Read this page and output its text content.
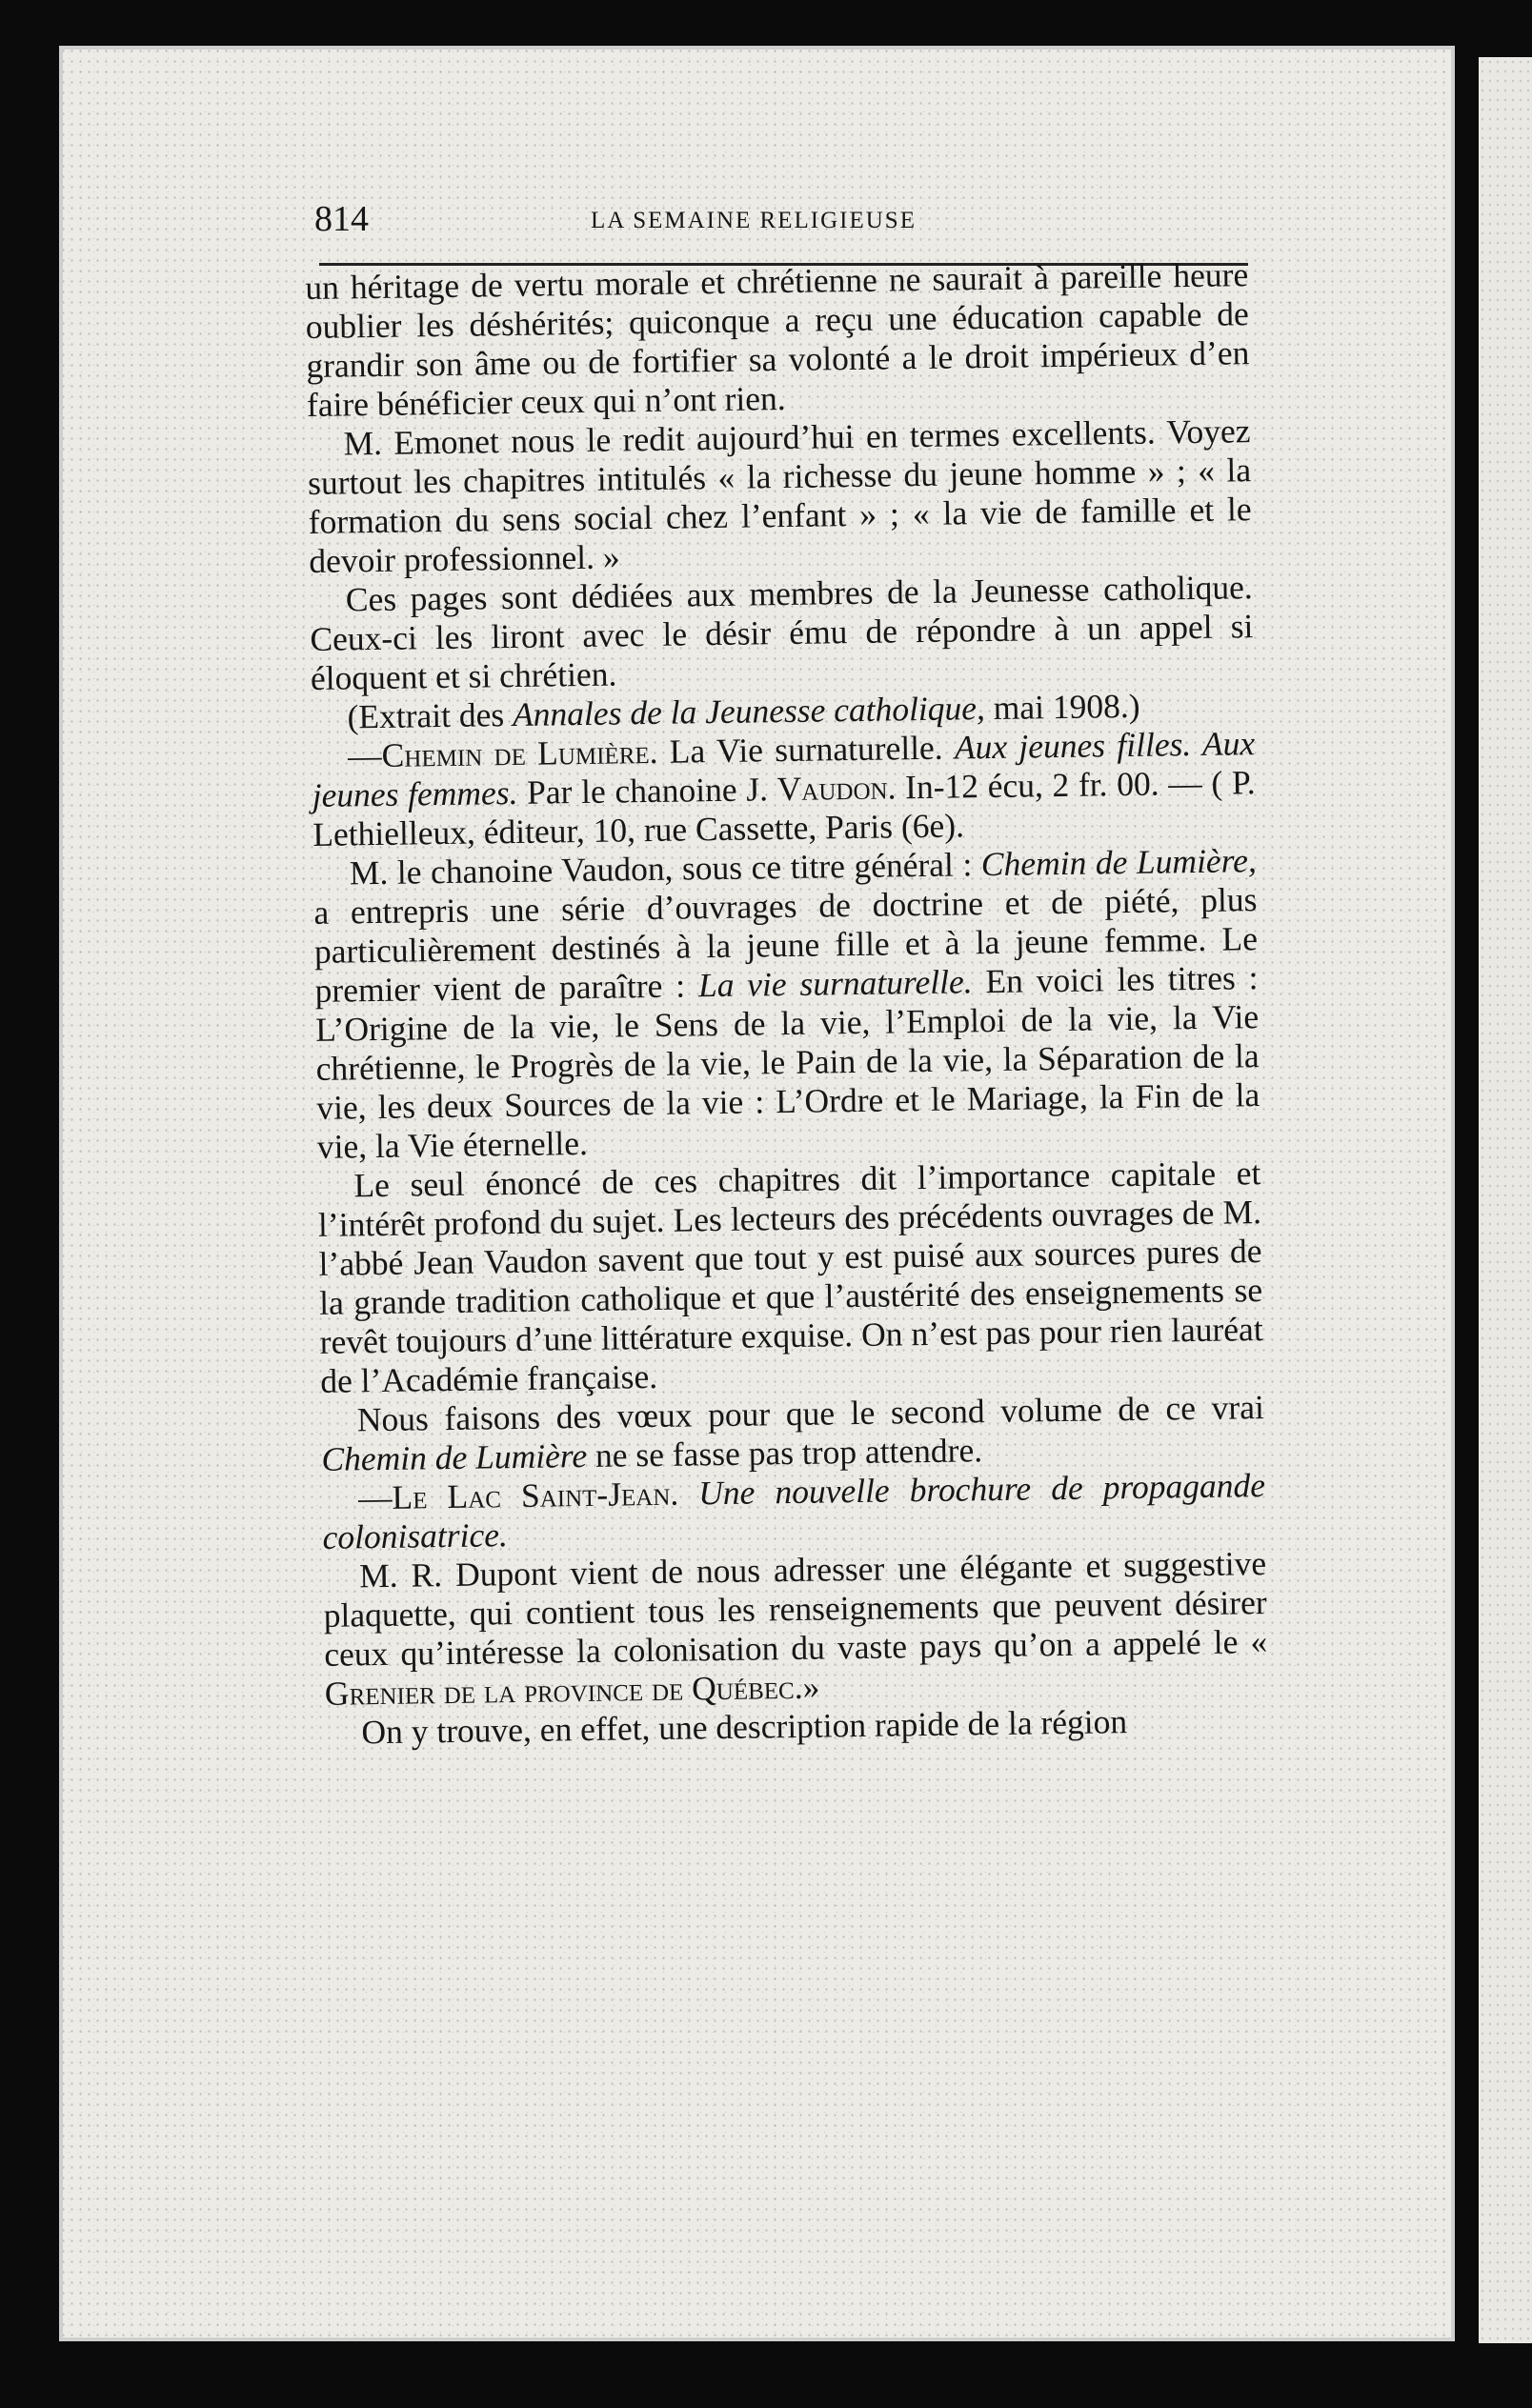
814	LA SEMAINE RELIGIEUSE

un héritage de vertu morale et chrétienne ne saurait à pareille heure oublier les déshérités; quiconque a reçu une éducation capable de grandir son âme ou de fortifier sa volonté a le droit impérieux d’en faire bénéficier ceux qui n’ont rien.

M. Emonet nous le redit aujourd’hui en termes excellents. Voyez surtout les chapitres intitulés « la richesse du jeune homme » ; « la formation du sens social chez l’enfant » ; « la vie de famille et le devoir professionnel. »

Ces pages sont dédiées aux membres de la Jeunesse catholique. Ceux-ci les liront avec le désir ému de répondre à un appel si éloquent et si chrétien.

(Extrait des Annales de la Jeunesse catholique, mai 1908.)

—Chemin de Lumière. La Vie surnaturelle. Aux jeunes filles. Aux jeunes femmes. Par le chanoine J. Vaudon. In-12 écu, 2 fr. 00. — ( P. Lethielleux, éditeur, 10, rue Cassette, Paris (6e).

M. le chanoine Vaudon, sous ce titre général : Chemin de Lumière, a entrepris une série d’ouvrages de doctrine et de piété, plus particulièrement destinés à la jeune fille et à la jeune femme. Le premier vient de paraître : La vie surnaturelle. En voici les titres : L’Origine de la vie, le Sens de la vie, l’Emploi de la vie, la Vie chrétienne, le Progrès de la vie, le Pain de la vie, la Séparation de la vie, les deux Sources de la vie : L’Ordre et le Mariage, la Fin de la vie, la Vie éternelle.

Le seul énoncé de ces chapitres dit l’importance capitale et l’intérêt profond du sujet. Les lecteurs des précédents ouvrages de M. l’abbé Jean Vaudon savent que tout y est puisé aux sources pures de la grande tradition catholique et que l’austérité des enseignements se revêt toujours d’une littérature exquise. On n’est pas pour rien lauréat de l’Académie française.

Nous faisons des vœux pour que le second volume de ce vrai Chemin de Lumière ne se fasse pas trop attendre.

—Le Lac Saint-Jean. Une nouvelle brochure de propagande colonisatrice.

M. R. Dupont vient de nous adresser une élégante et suggestive plaquette, qui contient tous les renseignements que peuvent désirer ceux qu’intéresse la colonisation du vaste pays qu’on a appelé le « Grenier de la province de Québec.»

On y trouve, en effet, une description rapide de la région
